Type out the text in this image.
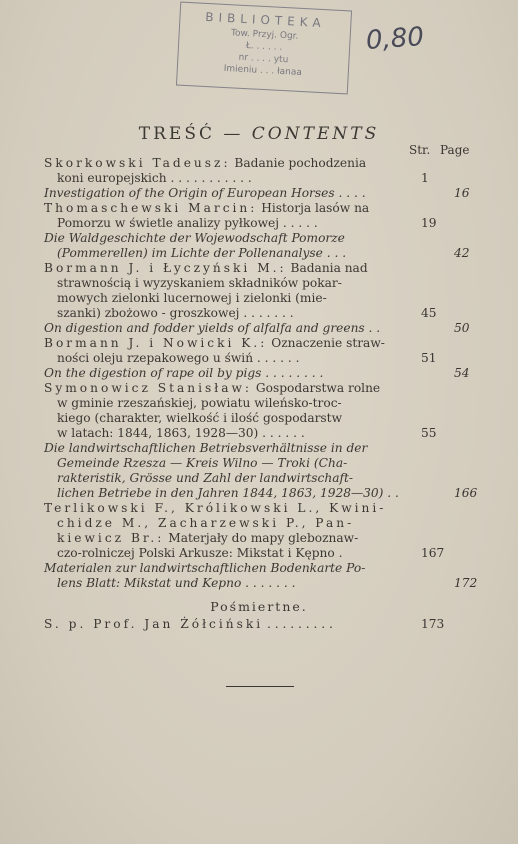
BIBLIOTEKA
Tow. Przyj. Ogr.
Ł. . . . . .
nr . . . . ytu
Imieniu . . . łanaa
0,80
TREŚĆ — CONTENTS
Str. Page
Skorkowski Tadeusz: Badanie pochodzenia
koni europejskich . . . . . . . . . . .	1
Investigation of the Origin of European Horses . . . .	16
Thomaschewski Marcin: Historja lasów na
Pomorzu w świetle analizy pyłkowej . . . . .	19
Die Waldgeschichte der Wojewodschaft Pomorze
(Pommerellen) im Lichte der Pollenanalyse . . .	42
Bormann J. i Łyczyński M.: Badania nad
strawnością i wyzyskaniem składników pokar-
mowych zielonki lucernowej i zielonki (mie-
szanki) zbożowo - groszkowej . . . . . . .	45
On digestion and fodder yields of alfalfa and greens . .	50
Bormann J. i Nowicki K.: Oznaczenie straw-
ności oleju rzepakowego u świń . . . . . .	51
On the digestion of rape oil by pigs . . . . . . . .	54
Symonowicz Stanisław: Gospodarstwa rolne
w gminie rzeszańskiej, powiatu wileńsko-troc-
kiego (charakter, wielkość i ilość gospodarstw
w latach: 1844, 1863, 1928—30) . . . . . .	55
Die landwirtschaftlichen Betriebsverhältnisse in der
Gemeinde Rzesza — Kreis Wilno — Troki (Cha-
rakteristik, Grösse und Zahl der landwirtschaft-
lichen Betriebe in den Jahren 1844, 1863, 1928—30) . .	166
Terlikowski F., Królikowski L., Kwini-
chidze M., Zacharzewski P., Pan-
kiewicz Br.: Materjały do mapy gleboznaw-
czo-rolniczej Polski Arkusze: Mikstat i Kępno .	167
Materialen zur landwirtschaftlichen Bodenkarte Po-
lens Blatt: Mikstat und Kepno . . . . . . .	172
Pośmiertne.
S. p. Prof. Jan Żółciński . . . . . . . . .	173
